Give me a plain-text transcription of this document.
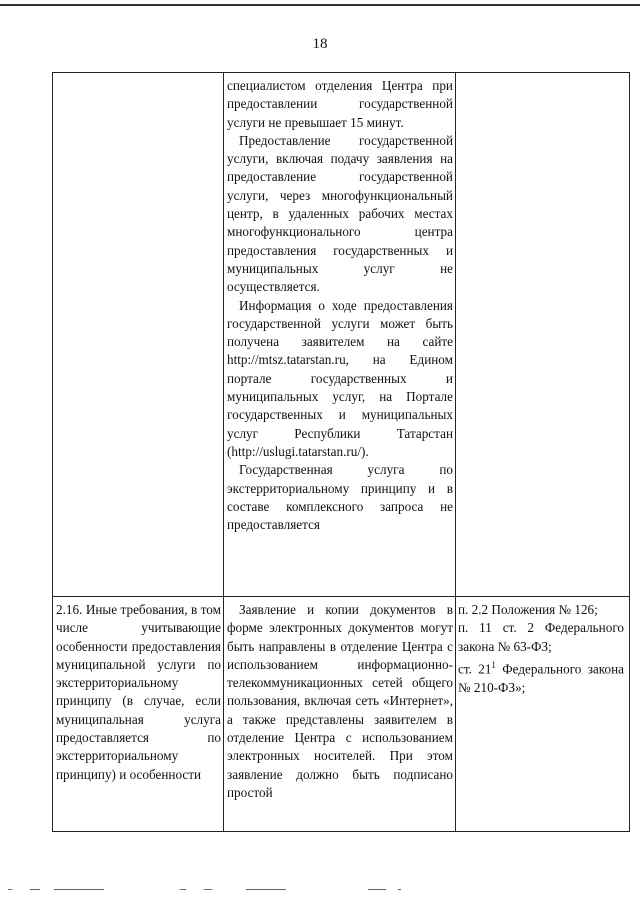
18

специалистом отделения Центра при предоставлении государственной услуги не превышает 15 минут.

Предоставление государственной услуги, включая подачу заявления на предоставление государственной услуги, через многофункциональный центр, в удаленных рабочих местах многофункционального центра предоставления государственных и муниципальных услуг не осуществляется.

Информация о ходе предоставления государственной услуги может быть получена заявителем на сайте http://mtsz.tatarstan.ru, на Едином портале государственных и муниципальных услуг, на Портале государственных и муниципальных услуг Республики Татарстан (http://uslugi.tatarstan.ru/).

Государственная услуга по экстерриториальному принципу и в составе комплексного запроса не предоставляется

2.16. Иные требования, в том числе учитывающие особенности предоставления муниципальной услуги по экстерриториальному принципу (в случае, если муниципальная услуга предоставляется по экстерриториальному принципу) и особенности

Заявление и копии документов в форме электронных документов могут быть направлены в отделение Центра с использованием информационно-телекоммуникационных сетей общего пользования, включая сеть «Интернет», а также представлены заявителем в отделение Центра с использованием электронных носителей. При этом заявление должно быть подписано простой

п. 2.2 Положения № 126;

п. 11 ст. 2 Федерального закона № 63-ФЗ;

ст. $21^1$ Федерального закона № 210-ФЗ»;
